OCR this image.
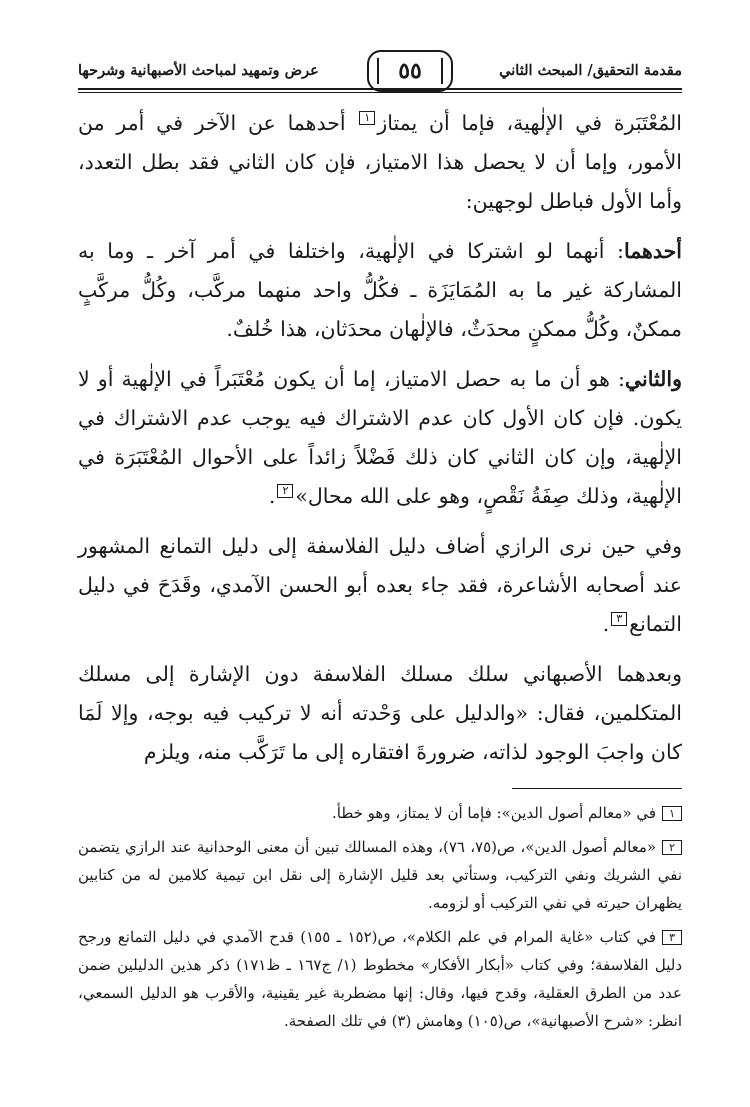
مقدمة التحقيق/ المبحث الثاني
٥٥
عرض وتمهيد لمباحث الأصبهانية وشرحها

المُعْتَبَرة في الإلٰهية، فإما أن يمتاز١ أحدهما عن الآخر في أمر من الأمور، وإما أن لا يحصل هذا الامتياز، فإن كان الثاني فقد بطل التعدد، وأما الأول فباطل لوجهين:

أحدهما: أنهما لو اشتركا في الإلٰهية، واختلفا في أمر آخر ـ وما به المشاركة غير ما به المُمَايَزَة ـ فكُلُّ واحد منهما مركَّب، وكُلُّ مركَّبٍ ممكنٌ، وكُلُّ ممكنٍ محدَثٌ، فالإلٰهان محدَثان، هذا خُلفٌ.

والثاني: هو أن ما به حصل الامتياز، إما أن يكون مُعْتَبَراً في الإلٰهية أو لا يكون. فإن كان الأول كان عدم الاشتراك فيه يوجب عدم الاشتراك في الإلٰهية، وإن كان الثاني كان ذلك فَضْلاً زائداً على الأحوال المُعْتَبَرَة في الإلٰهية، وذلك صِفَةُ نَقْصٍ، وهو على الله محال»٢.

وفي حين نرى الرازي أضاف دليل الفلاسفة إلى دليل التمانع المشهور عند أصحابه الأشاعرة، فقد جاء بعده أبو الحسن الآمدي، وقَدَحَ في دليل التمانع٣.

وبعدهما الأصبهاني سلك مسلك الفلاسفة دون الإشارة إلى مسلك المتكلمين، فقال: «والدليل على وَحْدته أنه لا تركيب فيه بوجه، وإلا لَمَا كان واجبَ الوجود لذاته، ضرورةَ افتقاره إلى ما تَرَكَّب منه، ويلزم

١في «معالم أصول الدين»: فإما أن لا يمتاز، وهو خطأ.

٢«معالم أصول الدين»، ص(٧٥، ٧٦)، وهذه المسالك تبين أن معنى الوحدانية عند الرازي يتضمن نفي الشريك ونفي التركيب، وستأتي بعد قليل الإشارة إلى نقل ابن تيمية كلامين له من كتابين يظهران حيرته في نفي التركيب أو لزومه.

٣في كتاب «غاية المرام في علم الكلام»، ص(١٥٢ ـ ١٥٥) قدح الآمدي في دليل التمانع ورجح دليل الفلاسفة؛ وفي كتاب «أبكار الأفكار» مخطوط (١/ ج١٦٧ ـ ظ١٧١) ذكر هذين الدليلين ضمن عدد من الطرق العقلية، وقدح فيها، وقال: إنها مضطربة غير يقينية، والأقرب هو الدليل السمعي، انظر: «شرح الأصبهانية»، ص(١٠٥) وهامش (٣) في تلك الصفحة.
